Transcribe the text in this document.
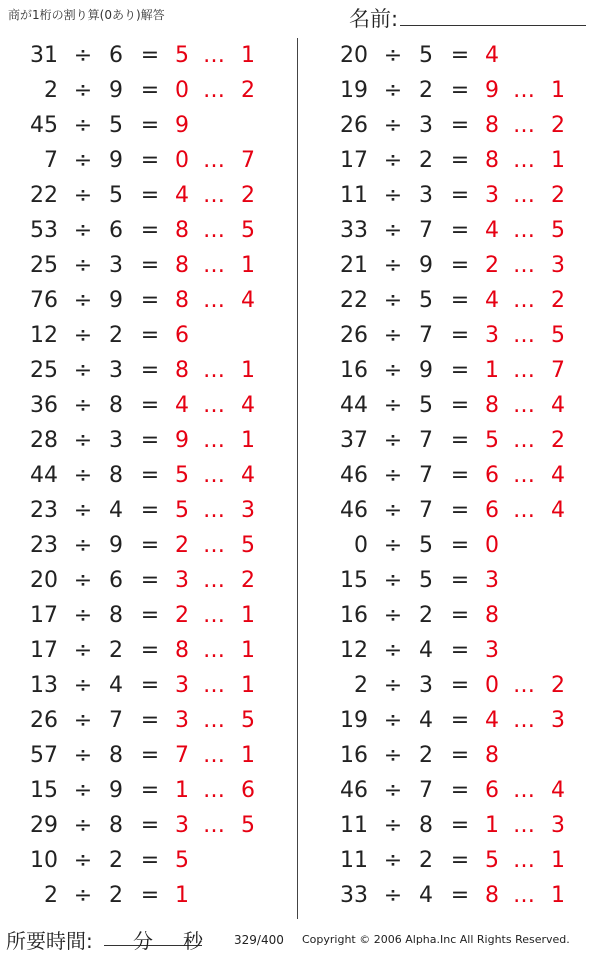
商が1桁の割り算(0あり)解答	名前:
31 ÷ 6 = 5 … 1
2 ÷ 9 = 0 … 2
45 ÷ 5 = 9
7 ÷ 9 = 0 … 7
22 ÷ 5 = 4 … 2
53 ÷ 6 = 8 … 5
25 ÷ 3 = 8 … 1
76 ÷ 9 = 8 … 4
12 ÷ 2 = 6
25 ÷ 3 = 8 … 1
36 ÷ 8 = 4 … 4
28 ÷ 3 = 9 … 1
44 ÷ 8 = 5 … 4
23 ÷ 4 = 5 … 3
23 ÷ 9 = 2 … 5
20 ÷ 6 = 3 … 2
17 ÷ 8 = 2 … 1
17 ÷ 2 = 8 … 1
13 ÷ 4 = 3 … 1
26 ÷ 7 = 3 … 5
57 ÷ 8 = 7 … 1
15 ÷ 9 = 1 … 6
29 ÷ 8 = 3 … 5
10 ÷ 2 = 5
2 ÷ 2 = 1
20 ÷ 5 = 4
19 ÷ 2 = 9 … 1
26 ÷ 3 = 8 … 2
17 ÷ 2 = 8 … 1
11 ÷ 3 = 3 … 2
33 ÷ 7 = 4 … 5
21 ÷ 9 = 2 … 3
22 ÷ 5 = 4 … 2
26 ÷ 7 = 3 … 5
16 ÷ 9 = 1 … 7
44 ÷ 5 = 8 … 4
37 ÷ 7 = 5 … 2
46 ÷ 7 = 6 … 4
46 ÷ 7 = 6 … 4
0 ÷ 5 = 0
15 ÷ 5 = 3
16 ÷ 2 = 8
12 ÷ 4 = 3
2 ÷ 3 = 0 … 2
19 ÷ 4 = 4 … 3
16 ÷ 2 = 8
46 ÷ 7 = 6 … 4
11 ÷ 8 = 1 … 3
11 ÷ 2 = 5 … 1
33 ÷ 4 = 8 … 1
所要時間: 分 秒	329/400 Copyright © 2006 Alpha.Inc All Rights Reserved.
